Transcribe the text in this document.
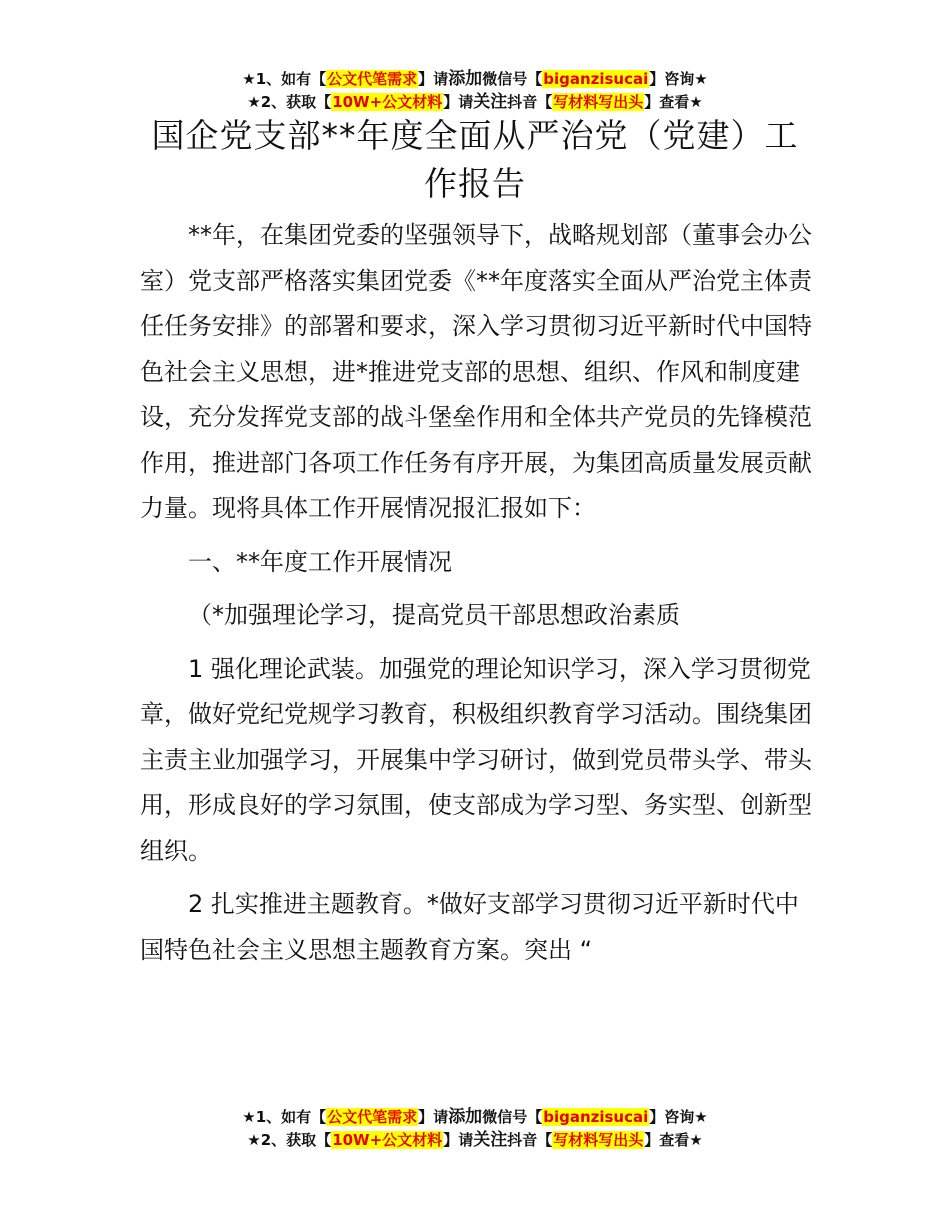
★1、如有【公文代笔需求】请添加微信号【biganzisucai】咨询★
★2、获取【10W+公文材料】请关注抖音【写材料写出头】查看★
国企党支部**年度全面从严治党（党建）工作报告

**年，在集团党委的坚强领导下，战略规划部（董事会办公室）党支部严格落实集团党委《**年度落实全面从严治党主体责任任务安排》的部署和要求，深入学习贯彻习近平新时代中国特色社会主义思想，进*推进党支部的思想、组织、作风和制度建设，充分发挥党支部的战斗堡垒作用和全体共产党员的先锋模范作用，推进部门各项工作任务有序开展，为集团高质量发展贡献力量。现将具体工作开展情况报汇报如下：

一、**年度工作开展情况

（*加强理论学习，提高党员干部思想政治素质

1 强化理论武装。加强党的理论知识学习，深入学习贯彻党章，做好党纪党规学习教育，积极组织教育学习活动。围绕集团主责主业加强学习，开展集中学习研讨，做到党员带头学、带头用，形成良好的学习氛围，使支部成为学习型、务实型、创新型组织。

2 扎实推进主题教育。*做好支部学习贯彻习近平新时代中国特色社会主义思想主题教育方案。突出 “

★1、如有【公文代笔需求】请添加微信号【biganzisucai】咨询★
★2、获取【10W+公文材料】请关注抖音【写材料写出头】查看★
